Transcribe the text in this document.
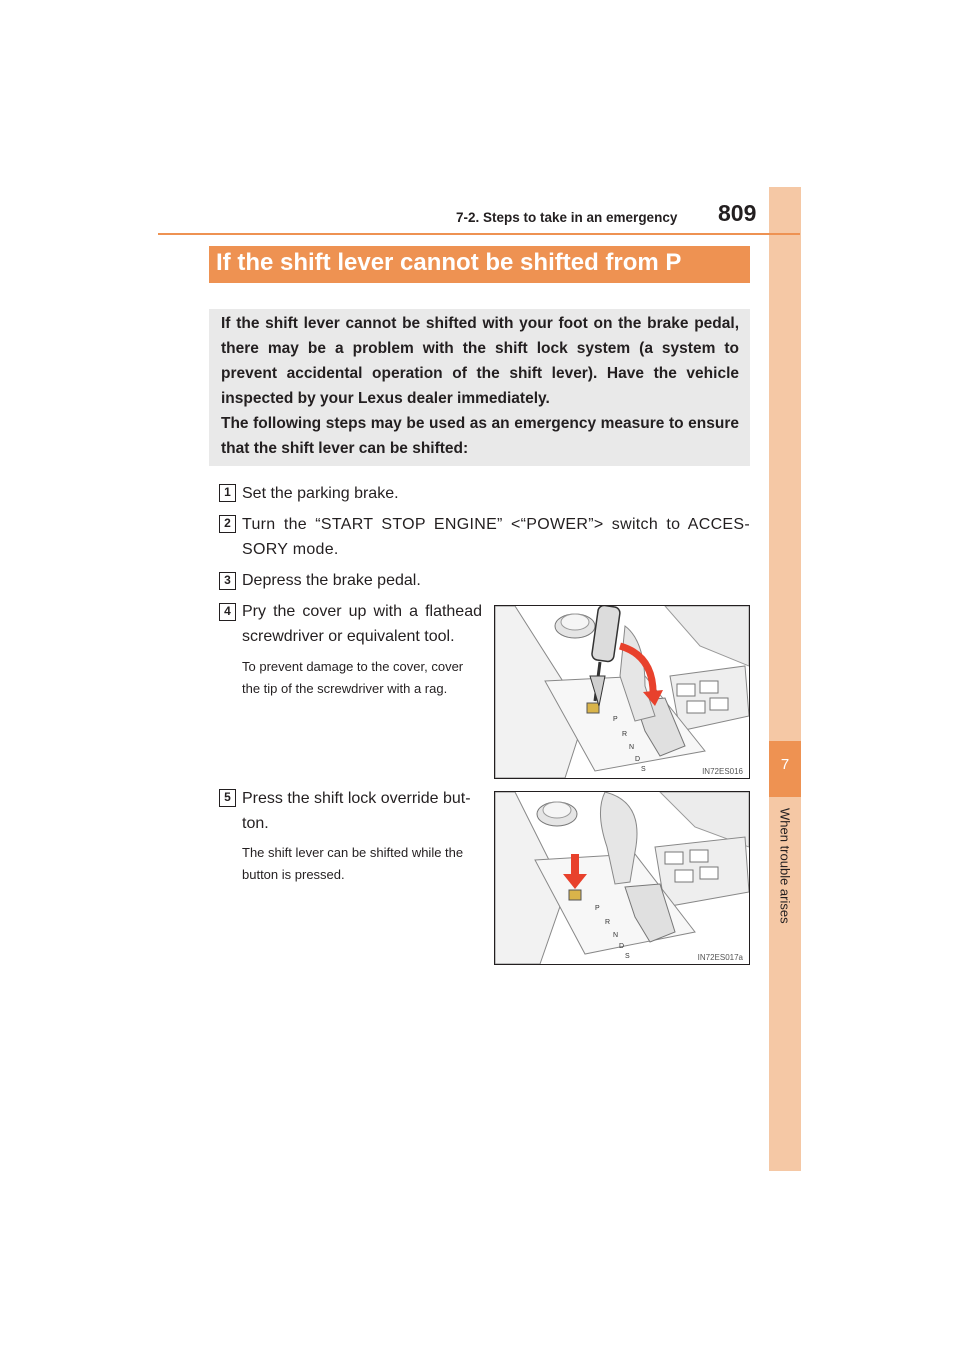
7
When trouble arises
7-2. Steps to take in an emergency 809
If the shift lever cannot be shifted from P
If the shift lever cannot be shifted with your foot on the brake pedal, there may be a problem with the shift lock system (a system to prevent accidental operation of the shift lever). Have the vehicle inspected by your Lexus dealer immediately.
The following steps may be used as an emergency measure to ensure that the shift lever can be shifted:
1 Set the parking brake.
2 Turn the “START STOP ENGINE” <“POWER”> switch to ACCES-SORY mode.
3 Depress the brake pedal.
4 Pry the cover up with a flathead screwdriver or equivalent tool.
To prevent damage to the cover, cover the tip of the screwdriver with a rag.
P
R
N
D
S	IN72ES016
5 Press the shift lock override but-ton.
The shift lever can be shifted while the button is pressed.
P
R
N
D
S	IN72ES017a
